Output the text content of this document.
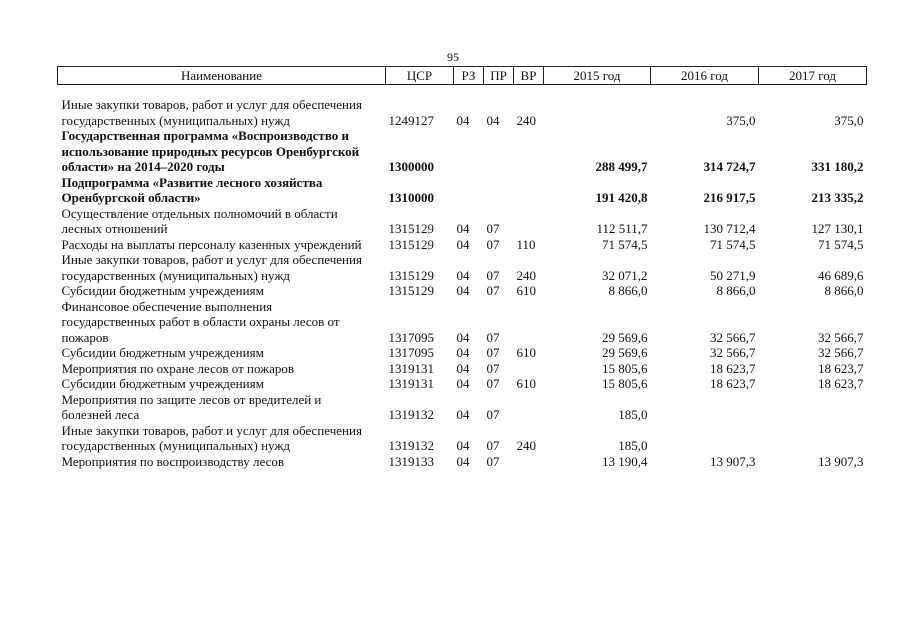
95
Наименование	ЦСР	РЗ	ПР	ВР	2015 год	2016 год	2017 год

Иные закупки товаров, работ и услуг для обеспечения государственных (муниципальных) нужд	1249127	04	04	240		375,0	375,0
Государственная программа «Воспроизводство и использование природных ресурсов Оренбургской области» на 2014–2020 годы	1300000				288 499,7	314 724,7	331 180,2
Подпрограмма «Развитие лесного хозяйства Оренбургской области»	1310000				191 420,8	216 917,5	213 335,2
Осуществление отдельных полномочий в области лесных отношений	1315129	04	07		112 511,7	130 712,4	127 130,1
Расходы на выплаты персоналу казенных учреждений	1315129	04	07	110	71 574,5	71 574,5	71 574,5
Иные закупки товаров, работ и услуг для обеспечения государственных (муниципальных) нужд	1315129	04	07	240	32 071,2	50 271,9	46 689,6
Субсидии бюджетным учреждениям	1315129	04	07	610	8 866,0	8 866,0	8 866,0
Финансовое обеспечение выполнения государственных работ в области охраны лесов от пожаров	1317095	04	07		29 569,6	32 566,7	32 566,7
Субсидии бюджетным учреждениям	1317095	04	07	610	29 569,6	32 566,7	32 566,7
Мероприятия по охране лесов от пожаров	1319131	04	07		15 805,6	18 623,7	18 623,7
Субсидии бюджетным учреждениям	1319131	04	07	610	15 805,6	18 623,7	18 623,7
Мероприятия по защите лесов от вредителей и болезней леса	1319132	04	07		185,0		
Иные закупки товаров, работ и услуг для обеспечения государственных (муниципальных) нужд	1319132	04	07	240	185,0		
Мероприятия по воспроизводству лесов	1319133	04	07		13 190,4	13 907,3	13 907,3
